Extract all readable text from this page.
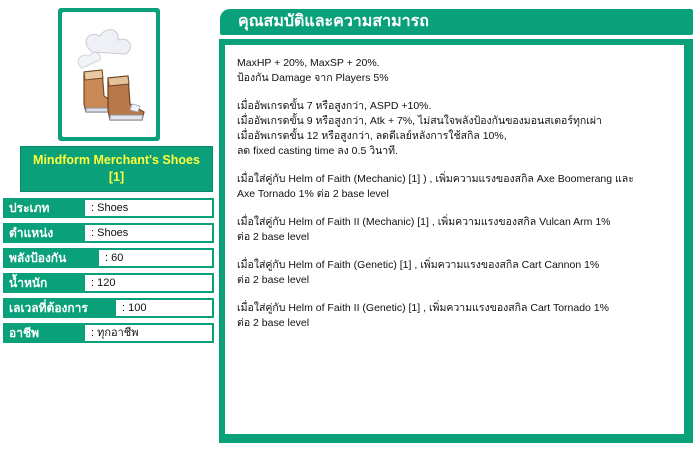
Mindform Merchant's Shoes [1]
ประเภท	: Shoes
ตำแหน่ง	: Shoes
พลังป้องกัน	: 60
น้ำหนัก	: 120
เลเวลที่ต้องการ	: 100
อาชีพ	: ทุกอาชีพ
คุณสมบัติและความสามารถ

MaxHP + 20%, MaxSP + 20%.
ป้องกัน Damage จาก Players 5%

เมื่ออัพเกรดขั้น 7 หรือสูงกว่า, ASPD +10%.
เมื่ออัพเกรดขั้น 9 หรือสูงกว่า, Atk + 7%, ไม่สนใจพลังป้องกันของมอนสเตอร์ทุกเผ่า
เมื่ออัพเกรดขั้น 12 หรือสูงกว่า, ลดดีเลย์หลังการใช้สกิล 10%,
ลด fixed casting time ลง 0.5 วินาที.

เมื่อใส่คู่กับ Helm of Faith (Mechanic) [1] ) , เพิ่มความแรงของสกิล Axe Boomerang และ
Axe Tornado 1% ต่อ 2 base level

เมื่อใส่คู่กับ Helm of Faith II (Mechanic) [1] , เพิ่มความแรงของสกิล Vulcan Arm 1%
ต่อ 2 base level

เมื่อใส่คู่กับ Helm of Faith (Genetic) [1] , เพิ่มความแรงของสกิล Cart Cannon 1%
ต่อ 2 base level

เมื่อใส่คู่กับ Helm of Faith II (Genetic) [1] , เพิ่มความแรงของสกิล Cart Tornado 1%
ต่อ 2 base level
